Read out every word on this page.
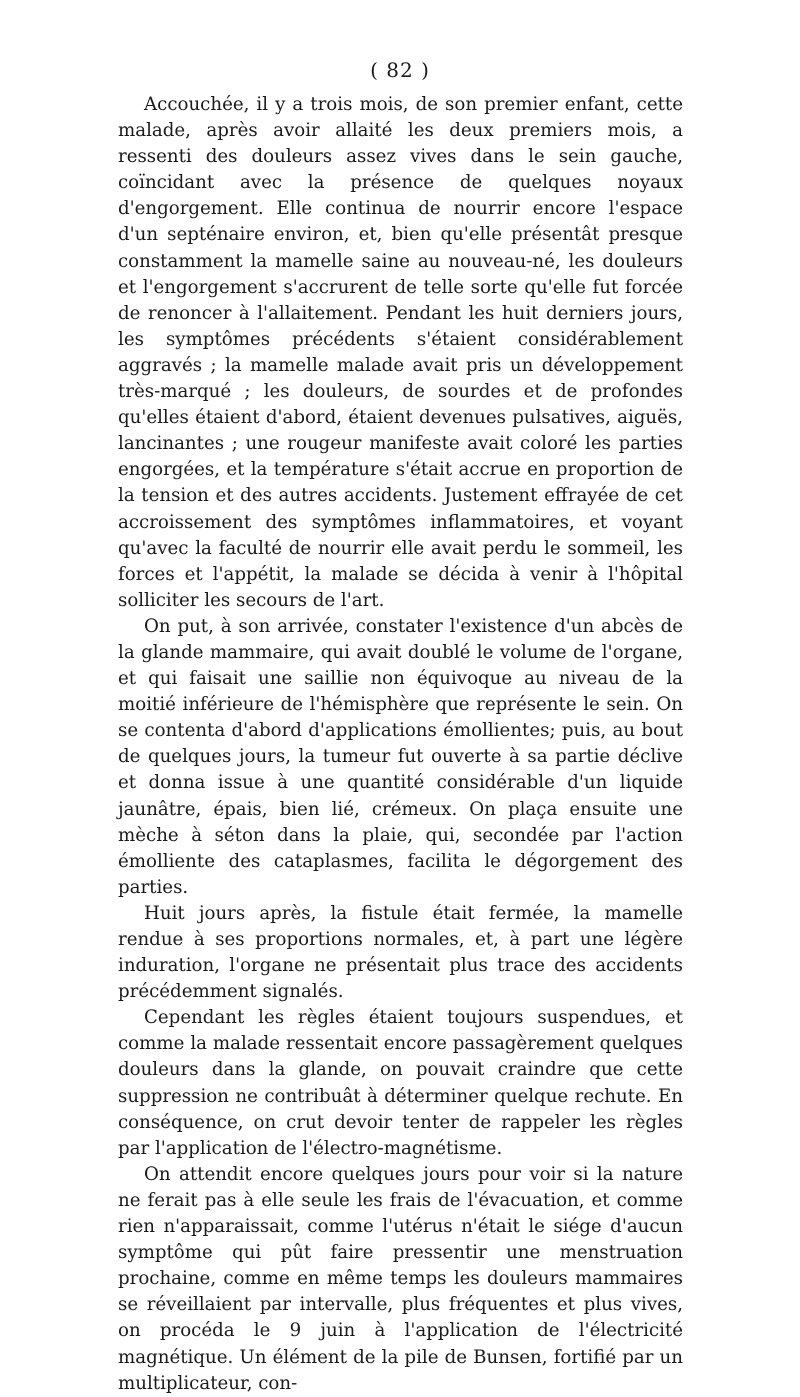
( 82 )

Accouchée, il y a trois mois, de son premier enfant, cette malade, après avoir allaité les deux premiers mois, a ressenti des douleurs assez vives dans le sein gauche, coïncidant avec la présence de quelques noyaux d'engorgement. Elle continua de nourrir encore l'espace d'un septénaire environ, et, bien qu'elle présentât presque constamment la mamelle saine au nouveau-né, les douleurs et l'engorgement s'accrurent de telle sorte qu'elle fut forcée de renoncer à l'allaitement. Pendant les huit derniers jours, les symptômes précédents s'étaient considérablement aggravés ; la mamelle malade avait pris un développement très-marqué ; les douleurs, de sourdes et de profondes qu'elles étaient d'abord, étaient devenues pulsatives, aiguës, lancinantes ; une rougeur manifeste avait coloré les parties engorgées, et la température s'était accrue en proportion de la tension et des autres accidents. Justement effrayée de cet accroissement des symptômes inflammatoires, et voyant qu'avec la faculté de nourrir elle avait perdu le sommeil, les forces et l'appétit, la malade se décida à venir à l'hôpital solliciter les secours de l'art.

On put, à son arrivée, constater l'existence d'un abcès de la glande mammaire, qui avait doublé le volume de l'organe, et qui faisait une saillie non équivoque au niveau de la moitié inférieure de l'hémisphère que représente le sein. On se contenta d'abord d'applications émollientes; puis, au bout de quelques jours, la tumeur fut ouverte à sa partie déclive et donna issue à une quantité considérable d'un liquide jaunâtre, épais, bien lié, crémeux. On plaça ensuite une mèche à séton dans la plaie, qui, secondée par l'action émolliente des cataplasmes, facilita le dégorgement des parties.

Huit jours après, la fistule était fermée, la mamelle rendue à ses proportions normales, et, à part une légère induration, l'organe ne présentait plus trace des accidents précédemment signalés.

Cependant les règles étaient toujours suspendues, et comme la malade ressentait encore passagèrement quelques douleurs dans la glande, on pouvait craindre que cette suppression ne contribuât à déterminer quelque rechute. En conséquence, on crut devoir tenter de rappeler les règles par l'application de l'électro-magnétisme.

On attendit encore quelques jours pour voir si la nature ne ferait pas à elle seule les frais de l'évacuation, et comme rien n'apparaissait, comme l'utérus n'était le siége d'aucun symptôme qui pût faire pressentir une menstruation prochaine, comme en même temps les douleurs mammaires se réveillaient par intervalle, plus fréquentes et plus vives, on procéda le 9 juin à l'application de l'électricité magnétique. Un élément de la pile de Bunsen, fortifié par un multiplicateur, con-
